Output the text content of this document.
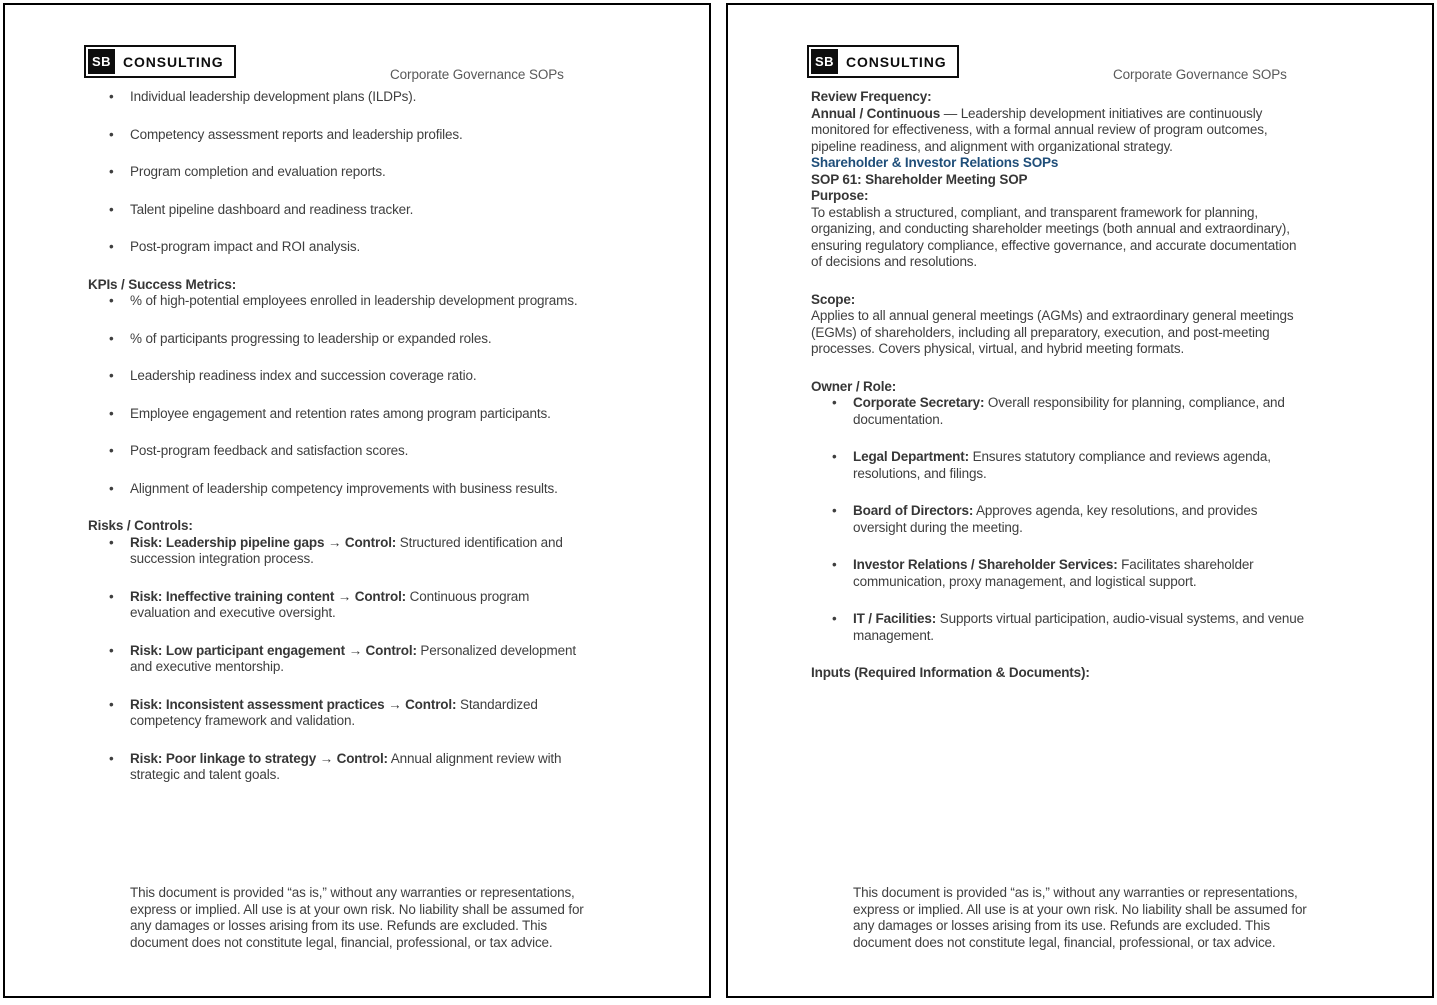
SB CONSULTING
Corporate Governance SOPs
• Individual leadership development plans (ILDPs).
• Competency assessment reports and leadership profiles.
• Program completion and evaluation reports.
• Talent pipeline dashboard and readiness tracker.
• Post-program impact and ROI analysis.

KPIs / Success Metrics:

• % of high-potential employees enrolled in leadership development programs.
• % of participants progressing to leadership or expanded roles.
• Leadership readiness index and succession coverage ratio.
• Employee engagement and retention rates among program participants.
• Post-program feedback and satisfaction scores.
• Alignment of leadership competency improvements with business results.

Risks / Controls:

• Risk: Leadership pipeline gaps → Control: Structured identification and succession integration process.
• Risk: Ineffective training content → Control: Continuous program evaluation and executive oversight.
• Risk: Low participant engagement → Control: Personalized development and executive mentorship.
• Risk: Inconsistent assessment practices → Control: Standardized competency framework and validation.
• Risk: Poor linkage to strategy → Control: Annual alignment review with strategic and talent goals.
This document is provided “as is,” without any warranties or representations, express or implied. All use is at your own risk. No liability shall be assumed for any damages or losses arising from its use. Refunds are excluded. This document does not constitute legal, financial, professional, or tax advice.
SB CONSULTING
Corporate Governance SOPs

Review Frequency:

Annual / Continuous — Leadership development initiatives are continuously monitored for effectiveness, with a formal annual review of program outcomes, pipeline readiness, and alignment with organizational strategy.

Shareholder & Investor Relations SOPs

SOP 61: Shareholder Meeting SOP

Purpose:

To establish a structured, compliant, and transparent framework for planning, organizing, and conducting shareholder meetings (both annual and extraordinary), ensuring regulatory compliance, effective governance, and accurate documentation of decisions and resolutions.

Scope:

Applies to all annual general meetings (AGMs) and extraordinary general meetings (EGMs) of shareholders, including all preparatory, execution, and post-meeting processes. Covers physical, virtual, and hybrid meeting formats.

Owner / Role:

• Corporate Secretary: Overall responsibility for planning, compliance, and documentation.
• Legal Department: Ensures statutory compliance and reviews agenda, resolutions, and filings.
• Board of Directors: Approves agenda, key resolutions, and provides oversight during the meeting.
• Investor Relations / Shareholder Services: Facilitates shareholder communication, proxy management, and logistical support.
• IT / Facilities: Supports virtual participation, audio-visual systems, and venue management.

Inputs (Required Information & Documents):

This document is provided “as is,” without any warranties or representations, express or implied. All use is at your own risk. No liability shall be assumed for any damages or losses arising from its use. Refunds are excluded. This document does not constitute legal, financial, professional, or tax advice.
